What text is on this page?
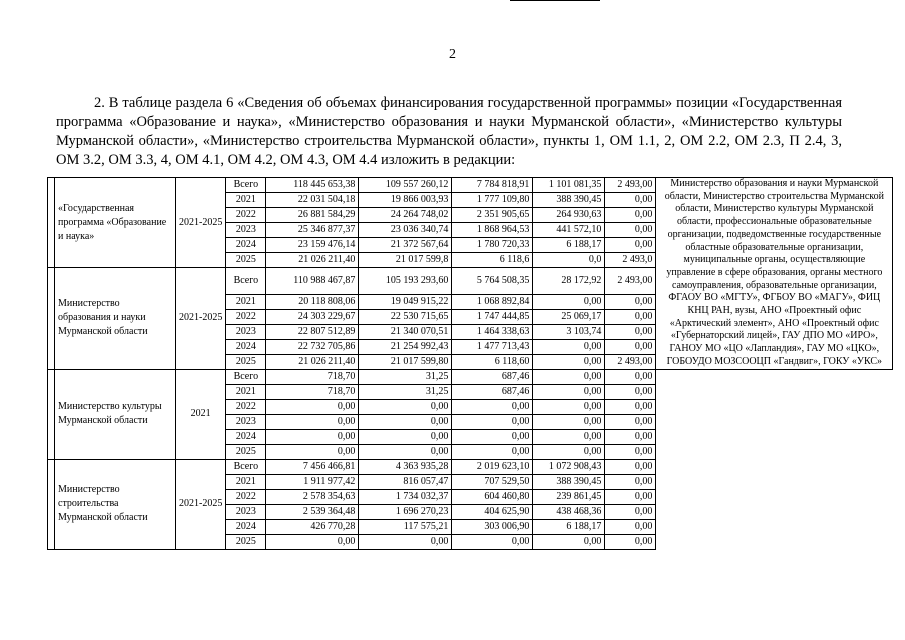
2
2. В таблице раздела 6 «Сведения об объемах финансирования государственной программы» позиции «Государственная программа «Образование и наука», «Министерство образования и науки Мурманской области», «Министерство культуры Мурманской области», «Министерство строительства Мурманской области», пункты 1, ОМ 1.1, 2, ОМ 2.2, ОМ 2.3, П 2.4, 3, ОМ 3.2, ОМ 3.3, 4, ОМ 4.1, ОМ 4.2, ОМ 4.3, ОМ 4.4 изложить в редакции:
	«Государственная программа «Образование и наука»	2021-2025	Всего	118 445 653,38	109 557 260,12	7 784 818,91	1 101 081,35	2 493,00	Министерство образования и науки Мурманской области, Министерство строительства Мурманской области, Министерство культуры Мурманской области, профессиональные образовательные организации, подведомственные государственные областные образовательные организации, муниципальные органы, осуществляющие управление в сфере образования, органы местного самоуправления, образовательные организации, ФГАОУ ВО «МГТУ», ФГБОУ ВО «МАГУ», ФИЦ КНЦ РАН, вузы, АНО «Проектный офис «Арктический элемент», АНО «Проектный офис «Губернаторский лицей», ГАУ ДПО МО «ИРО», ГАНОУ МО «ЦО «Лапландия», ГАУ МО «ЦКО», ГОБОУДО МОЗСООЦП «Гандвиг», ГОКУ «УКС»
			2021	22 031 504,18	19 866 003,93	1 777 109,80	388 390,45	0,00	
			2022	26 881 584,29	24 264 748,02	2 351 905,65	264 930,63	0,00	
			2023	25 346 877,37	23 036 340,74	1 868 964,53	441 572,10	0,00	
			2024	23 159 476,14	21 372 567,64	1 780 720,33	6 188,17	0,00	
			2025	21 026 211,40	21 017 599,8	6 118,6	0,0	2 493,0	
	Министерство образования и науки Мурманской области	2021-2025	Всего	110 988 467,87	105 193 293,60	5 764 508,35	28 172,92	2 493,00	
			2021	20 118 808,06	19 049 915,22	1 068 892,84	0,00	0,00	
			2022	24 303 229,67	22 530 715,65	1 747 444,85	25 069,17	0,00	
			2023	22 807 512,89	21 340 070,51	1 464 338,63	3 103,74	0,00	
			2024	22 732 705,86	21 254 992,43	1 477 713,43	0,00	0,00	
			2025	21 026 211,40	21 017 599,80	6 118,60	0,00	2 493,00	
	Министерство культуры Мурманской области	2021	Всего	718,70	31,25	687,46	0,00	0,00	
			2021	718,70	31,25	687,46	0,00	0,00	
			2022	0,00	0,00	0,00	0,00	0,00	
			2023	0,00	0,00	0,00	0,00	0,00	
			2024	0,00	0,00	0,00	0,00	0,00	
			2025	0,00	0,00	0,00	0,00	0,00	
	Министерство строительства Мурманской области	2021-2025	Всего	7 456 466,81	4 363 935,28	2 019 623,10	1 072 908,43	0,00	
			2021	1 911 977,42	816 057,47	707 529,50	388 390,45	0,00	
			2022	2 578 354,63	1 734 032,37	604 460,80	239 861,45	0,00	
			2023	2 539 364,48	1 696 270,23	404 625,90	438 468,36	0,00	
			2024	426 770,28	117 575,21	303 006,90	6 188,17	0,00	
			2025	0,00	0,00	0,00	0,00	0,00	
